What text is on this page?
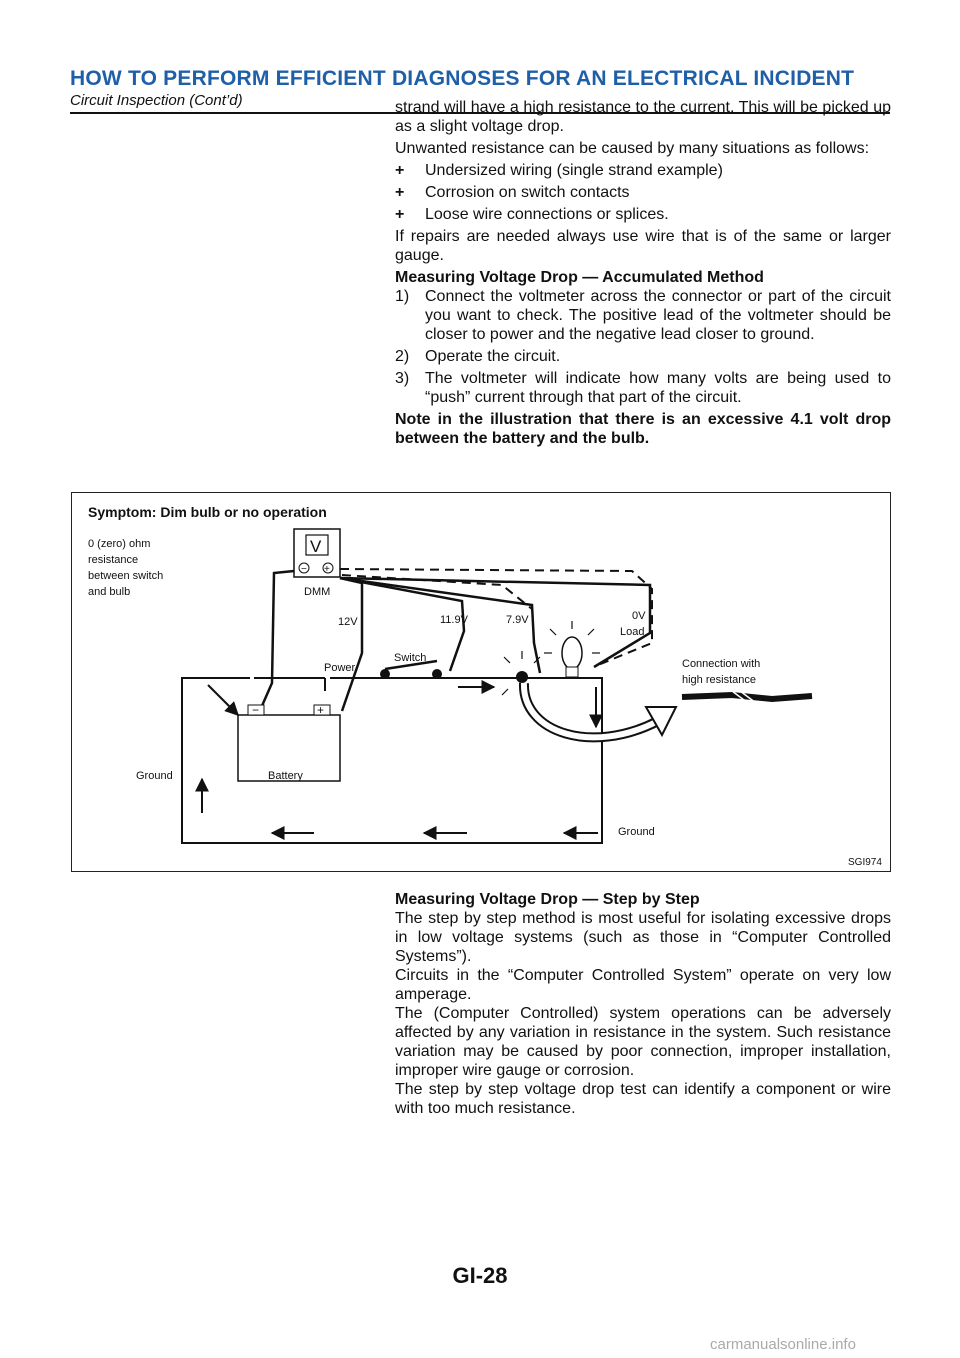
HOW TO PERFORM EFFICIENT DIAGNOSES FOR AN ELECTRICAL INCIDENT
Circuit Inspection (Cont’d)	strand will have a high resistance to the current. This will be picked up as a slight voltage drop.

Unwanted resistance can be caused by many situations as follows:

+	Undersized wiring (single strand example)
+	Corrosion on switch contacts
+	Loose wire connections or splices.

If repairs are needed always use wire that is of the same or larger gauge.

Measuring Voltage Drop — Accumulated Method

1) Connect the voltmeter across the connector or part of the circuit you want to check. The positive lead of the voltmeter should be closer to power and the negative lead closer to ground.
2) Operate the circuit.
3) The voltmeter will indicate how many volts are being used to “push” current through that part of the circuit.

Note in the illustration that there is an excessive 4.1 volt drop between the battery and the bulb.

Symptom: Dim bulb or no operation
0 (zero) ohm
resistance
between switch
and bulb
V
− +
DMM
Switch
Power
12V	11.9V	7.9V	0V
Load
Connection with
high resistance
−	+
Battery
Ground
Ground
SGI974

Measuring Voltage Drop — Step by Step

The step by step method is most useful for isolating excessive drops in low voltage systems (such as those in “Computer Controlled Systems”).

Circuits in the “Computer Controlled System” operate on very low amperage.

The (Computer Controlled) system operations can be adversely affected by any variation in resistance in the system. Such resistance variation may be caused by poor connection, improper installation, improper wire gauge or corrosion.

The step by step voltage drop test can identify a component or wire with too much resistance.

GI-28
carmanualsonline.info
